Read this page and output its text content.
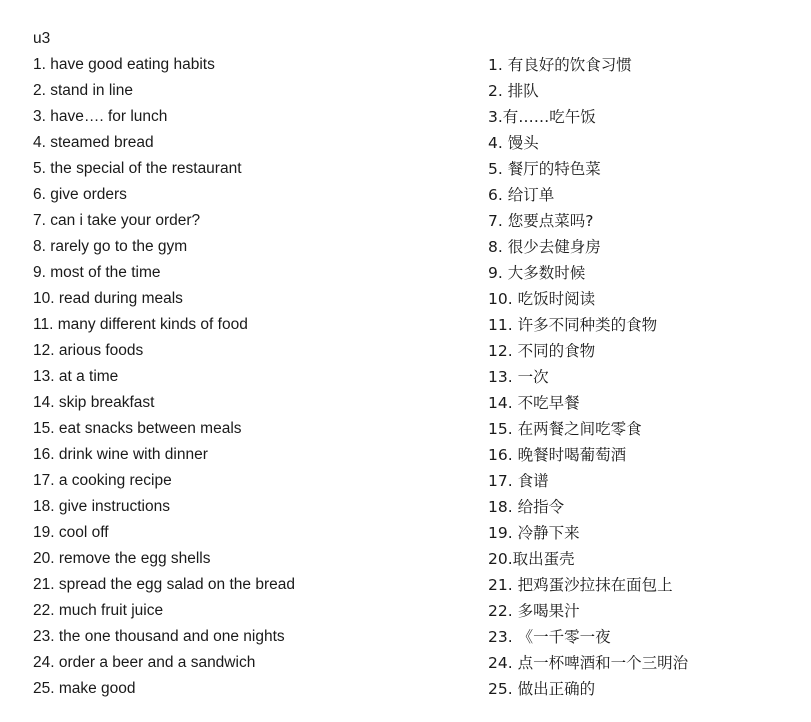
u3
1. have good eating habits
2. stand in line
3. have…. for lunch
4. steamed bread
5. the special of the restaurant
6. give orders
7. can i take your order?
8. rarely go to the gym
9. most of the time
10. read during meals
11. many different kinds of food
12. arious foods
13. at a time
14. skip breakfast
15. eat snacks between meals
16. drink wine with dinner
17. a cooking recipe
18. give instructions
19. cool off
20. remove the egg shells
21. spread the egg salad on the bread
22. much fruit juice
23. the one thousand and one nights
24. order a beer and a sandwich
25. make good
1. 有良好的饮食习惯
2. 排队
3.有……吃午饭
4. 馒头
5. 餐厅的特色菜
6. 给订单
7. 您要点菜吗?
8. 很少去健身房
9. 大多数时候
10. 吃饭时阅读
11. 许多不同种类的食物
12. 不同的食物
13. 一次
14. 不吃早餐
15. 在两餐之间吃零食
16. 晚餐时喝葡萄酒
17. 食谱
18. 给指令
19. 冷静下来
20.取出蛋壳
21. 把鸡蛋沙拉抹在面包上
22. 多喝果汁
23. 《一千零一夜
24. 点一杯啤酒和一个三明治
25. 做出正确的
